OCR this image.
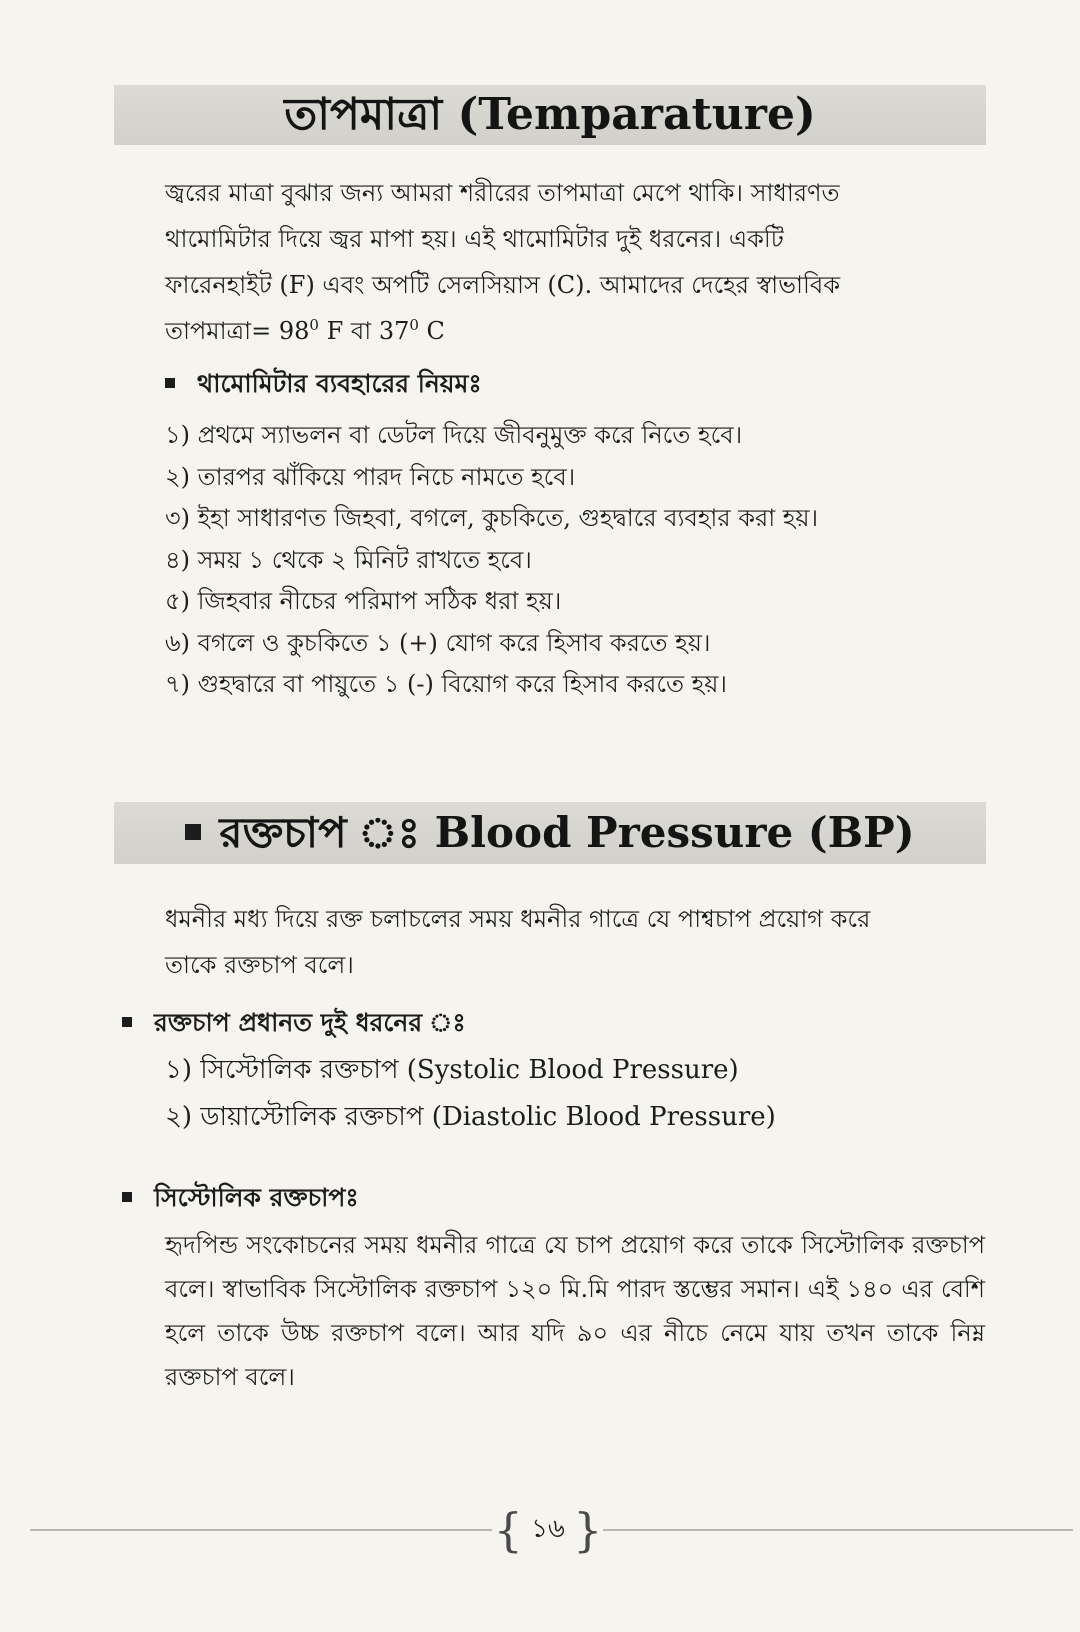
তাপমাত্রা (Temparature)
জ্বরের মাত্রা বুঝার জন্য আমরা শরীরের তাপমাত্রা মেপে থাকি। সাধারণত
থামোমিটার দিয়ে জ্বর মাপা হয়। এই থামোমিটার দুই ধরনের। একটি
ফারেনহাইট (F) এবং অপটি সেলসিয়াস (C). আমাদের দেহের স্বাভাবিক
তাপমাত্রা= $98^0$ F বা $37^0$ C
থামোমিটার ব্যবহারের নিয়মঃ
১) প্রথমে স্যাভলন বা ডেটল দিয়ে জীবনুমুক্ত করে নিতে হবে।
২) তারপর ঝাঁকিয়ে পারদ নিচে নামতে হবে।
৩) ইহা সাধারণত জিহবা, বগলে, কুচকিতে, গুহদ্বারে ব্যবহার করা হয়।
৪) সময় ১ থেকে ২ মিনিট রাখতে হবে।
৫) জিহবার নীচের পরিমাপ সঠিক ধরা হয়।
৬) বগলে ও কুচকিতে ১ (+) যোগ করে হিসাব করতে হয়।
৭) গুহদ্বারে বা পায়ুতে ১ (-) বিয়োগ করে হিসাব করতে হয়।
রক্তচাপ ঃ Blood Pressure (BP)
ধমনীর মধ্য দিয়ে রক্ত চলাচলের সময় ধমনীর গাত্রে যে পাশ্বচাপ প্রয়োগ করে
তাকে রক্তচাপ বলে।
রক্তচাপ প্রধানত দুই ধরনের ঃ
১) সিস্টোলিক রক্তচাপ (Systolic Blood Pressure)
২) ডায়াস্টোলিক রক্তচাপ (Diastolic Blood Pressure)
সিস্টোলিক রক্তচাপঃ
হৃদপিন্ড সংকোচনের সময় ধমনীর গাত্রে যে চাপ প্রয়োগ করে তাকে সিস্টোলিক রক্তচাপ বলে। স্বাভাবিক সিস্টোলিক রক্তচাপ ১২০ মি.মি পারদ স্তম্ভের সমান। এই ১৪০ এর বেশি হলে তাকে উচ্চ রক্তচাপ বলে। আর যদি ৯০ এর নীচে নেমে যায় তখন তাকে নিম্ন রক্তচাপ বলে।
{ ১৬ }
